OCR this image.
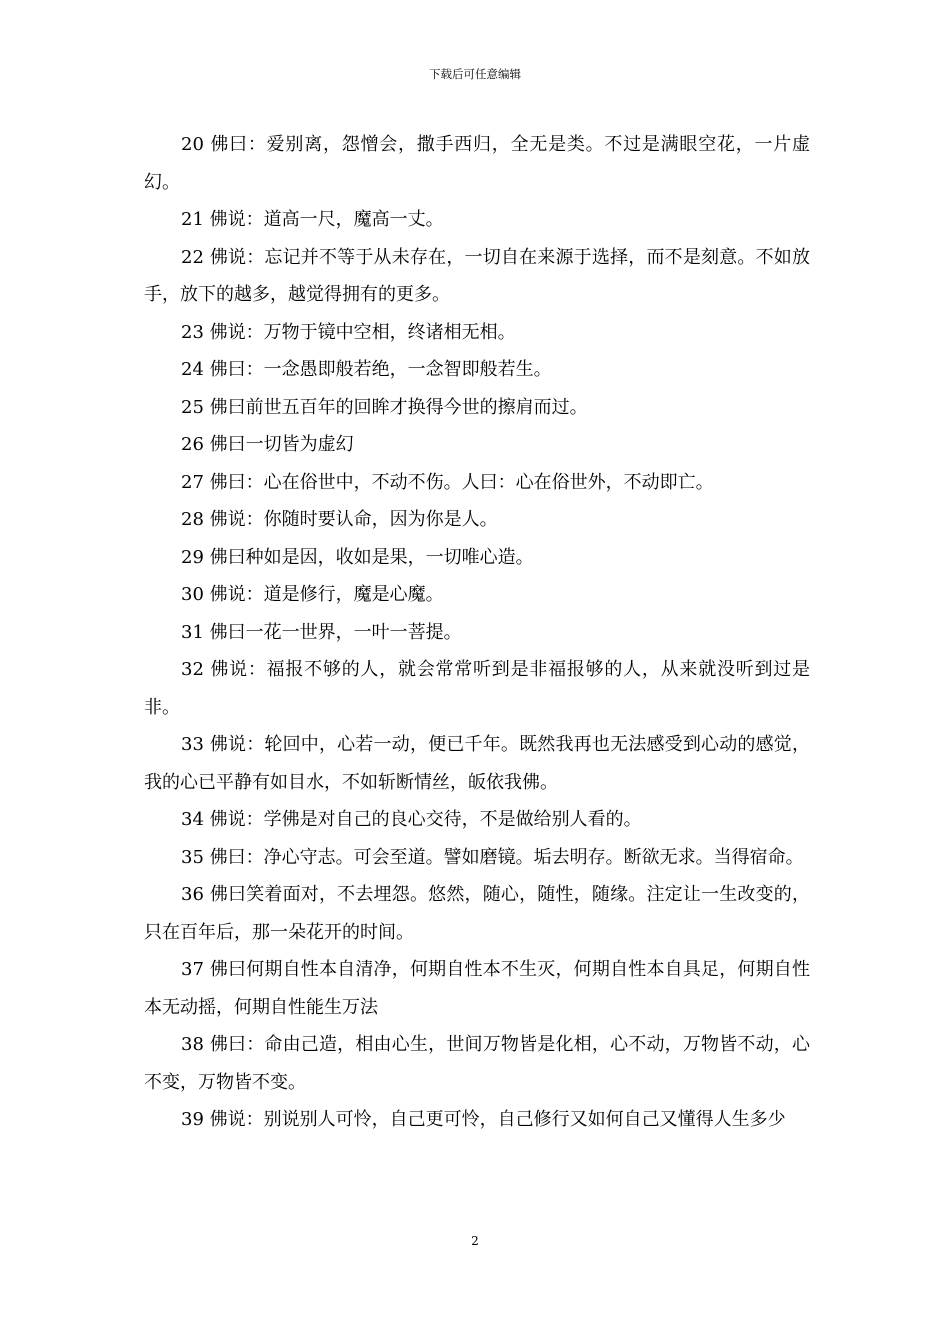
下载后可任意编辑

20 佛曰：爱别离，怨憎会，撒手西归，全无是类。不过是满眼空花，一片虚幻。

21 佛说：道高一尺，魔高一丈。

22 佛说：忘记并不等于从未存在，一切自在来源于选择，而不是刻意。不如放手，放下的越多，越觉得拥有的更多。

23 佛说：万物于镜中空相，终诸相无相。

24 佛曰：一念愚即般若绝，一念智即般若生。

25 佛曰前世五百年的回眸才换得今世的擦肩而过。

26 佛曰一切皆为虚幻

27 佛曰：心在俗世中，不动不伤。人曰：心在俗世外，不动即亡。

28 佛说：你随时要认命，因为你是人。

29 佛曰种如是因，收如是果，一切唯心造。

30 佛说：道是修行，魔是心魔。

31 佛曰一花一世界，一叶一菩提。

32 佛说：福报不够的人，就会常常听到是非福报够的人，从来就没听到过是非。

33 佛说：轮回中，心若一动，便已千年。既然我再也无法感受到心动的感觉，我的心已平静有如目水，不如斩断情丝，皈依我佛。

34 佛说：学佛是对自己的良心交待，不是做给别人看的。

35 佛曰：净心守志。可会至道。譬如磨镜。垢去明存。断欲无求。当得宿命。

36 佛曰笑着面对，不去埋怨。悠然，随心，随性，随缘。注定让一生改变的，只在百年后，那一朵花开的时间。

37 佛曰何期自性本自清净，何期自性本不生灭，何期自性本自具足，何期自性本无动摇，何期自性能生万法

38 佛曰：命由己造，相由心生，世间万物皆是化相，心不动，万物皆不动，心不变，万物皆不变。

39 佛说：别说别人可怜，自己更可怜，自己修行又如何自己又懂得人生多少

2
